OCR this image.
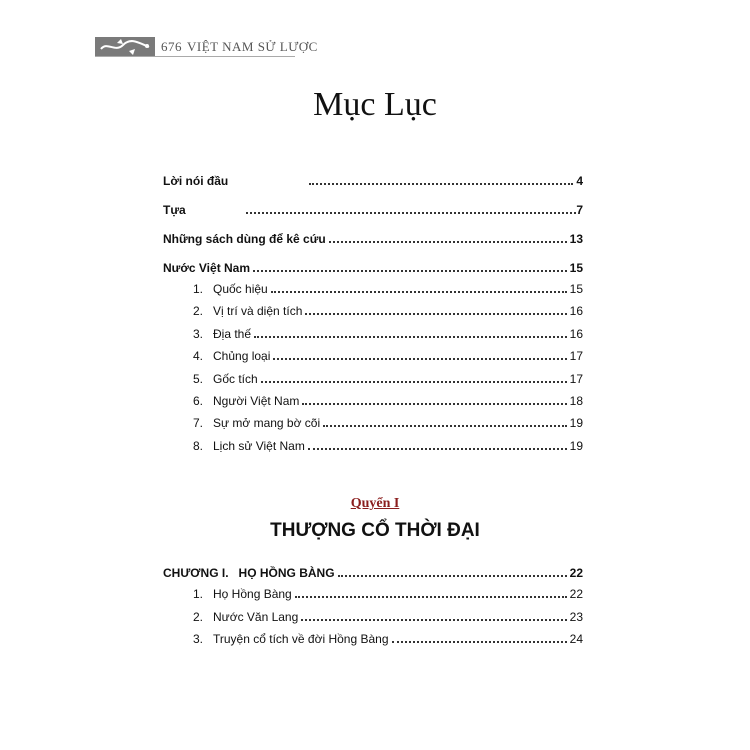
676 VIỆT NAM SỬ LƯỢC
Mục Lục
Lời nói đầu	4
Tựa	7
Những sách dùng để kê cứu	13
Nước Việt Nam	15
1. Quốc hiệu	15
2. Vị trí và diện tích	16
3. Địa thế	16
4. Chủng loại	17
5. Gốc tích	17
6. Người Việt Nam	18
7. Sự mở mang bờ cõi	19
8. Lịch sử Việt Nam	19
Quyển I
THƯỢNG CỔ THỜI ĐẠI
CHƯƠNG I. HỌ HỒNG BÀNG	22
1. Họ Hồng Bàng	22
2. Nước Văn Lang	23
3. Truyện cổ tích về đời Hồng Bàng	24
